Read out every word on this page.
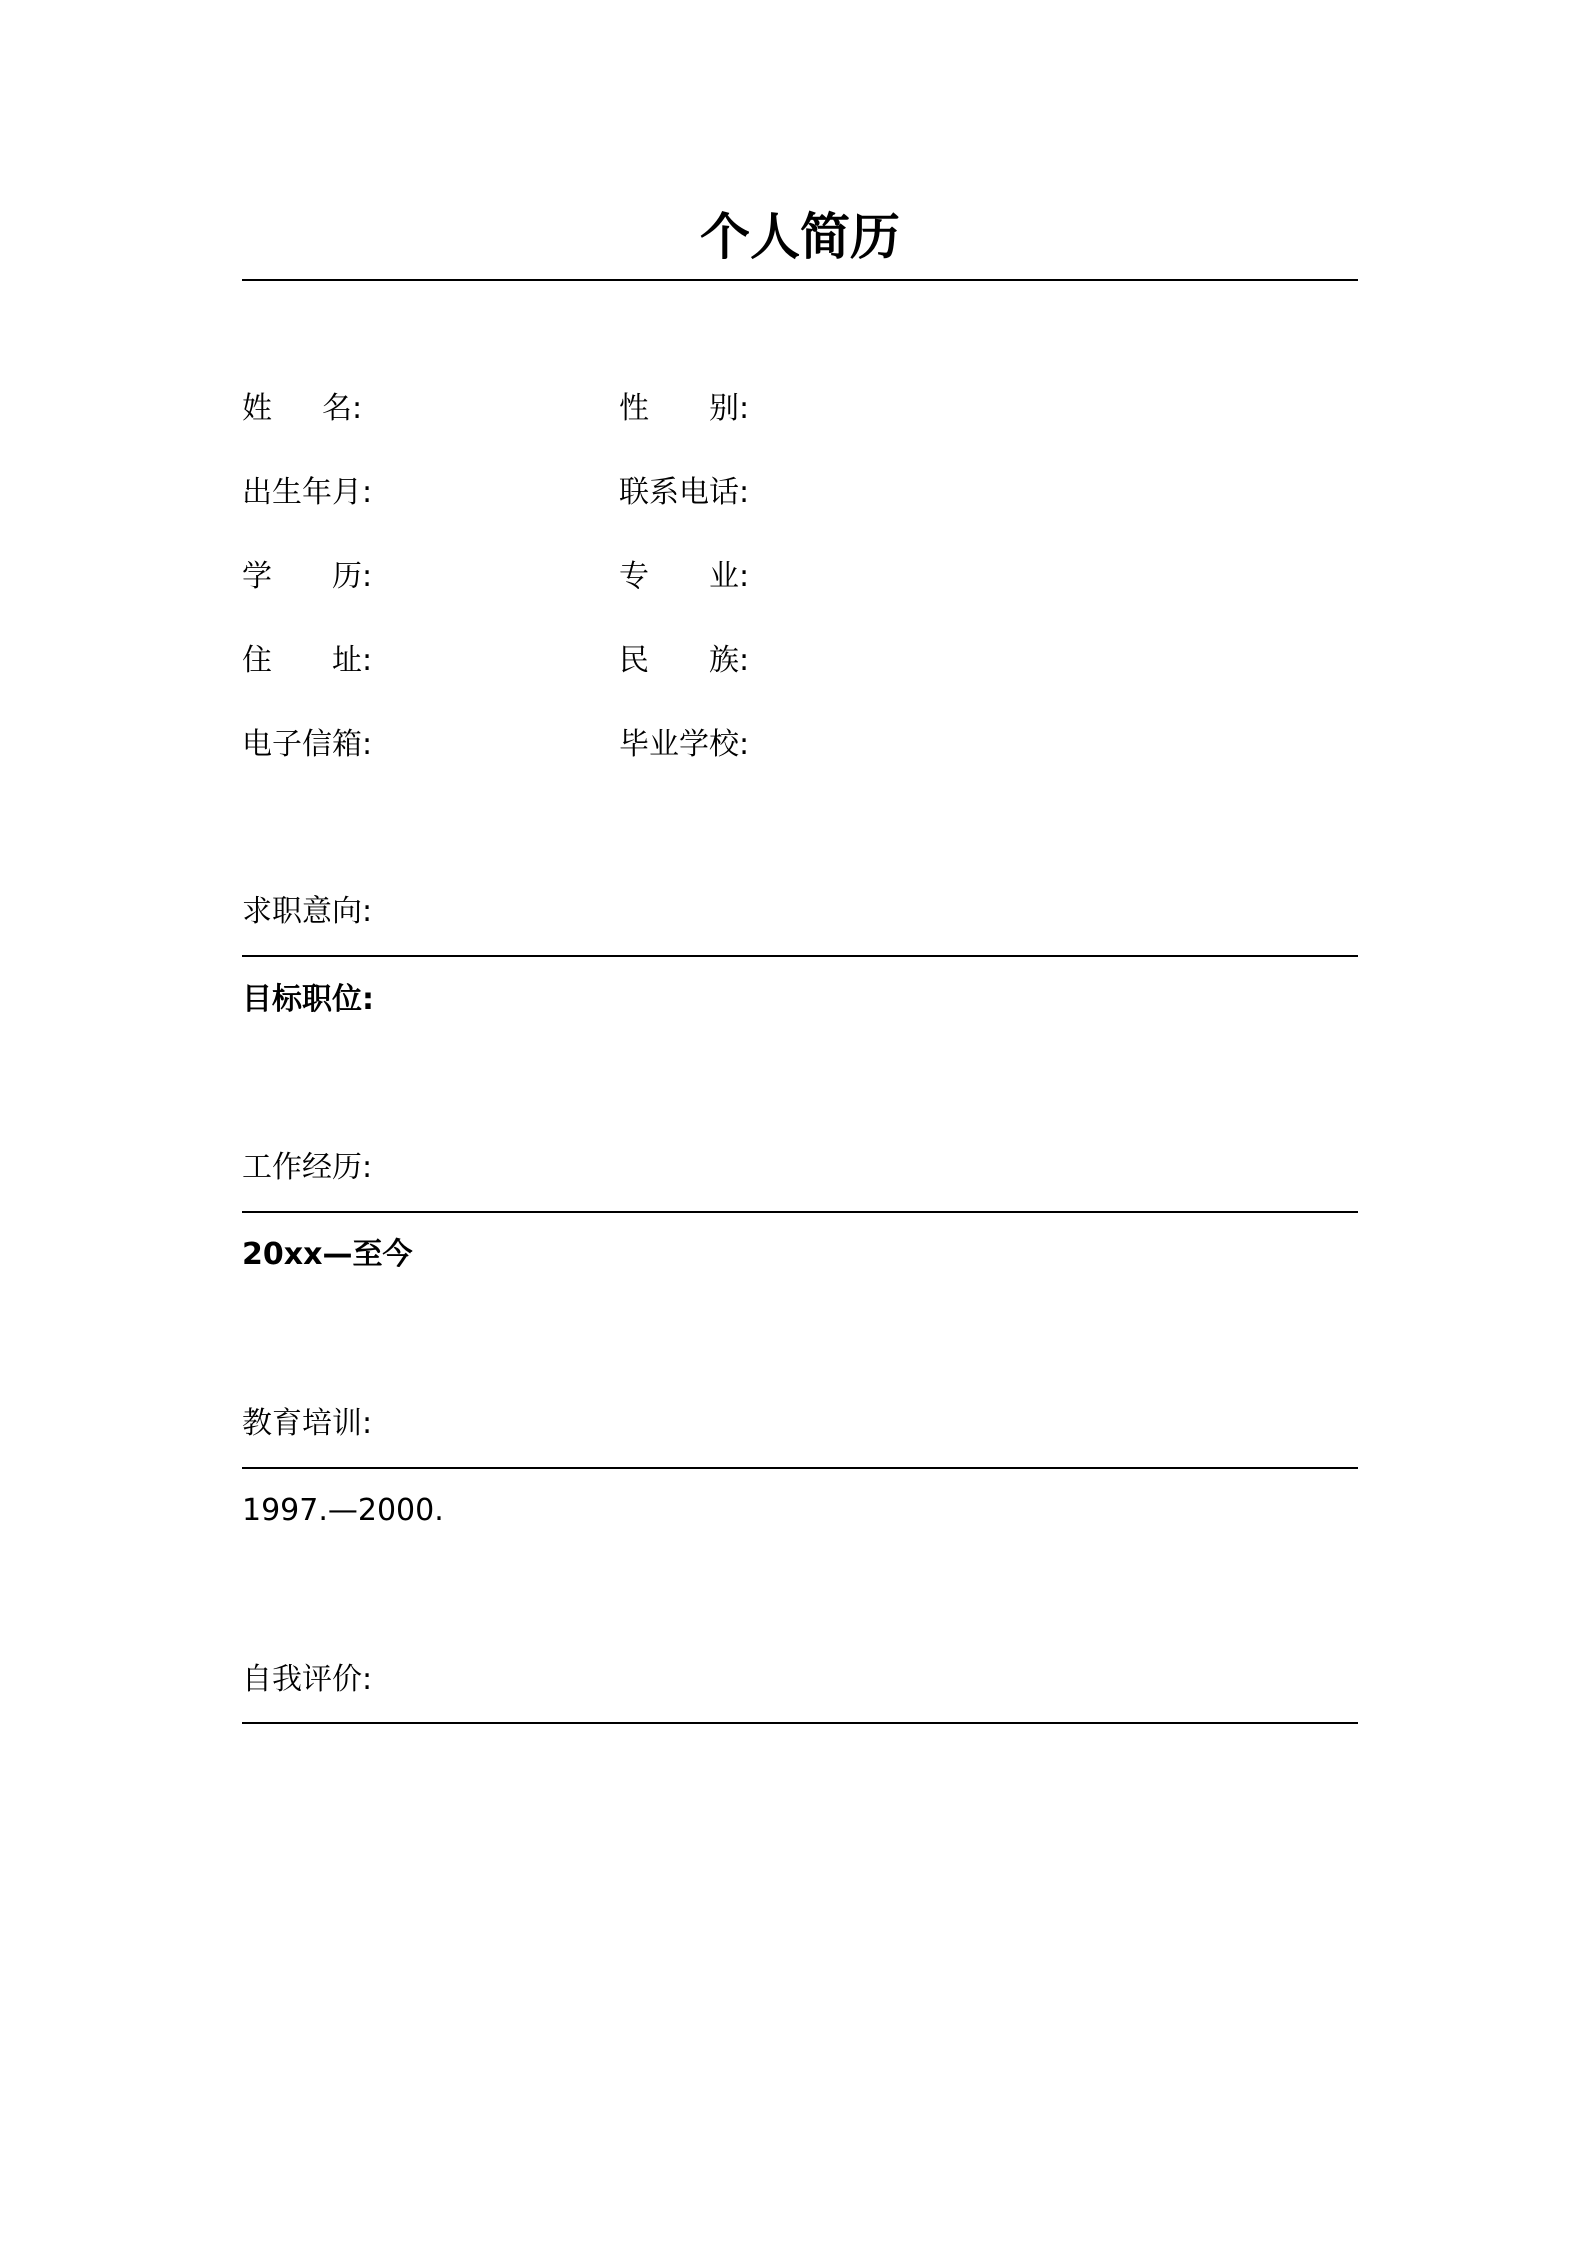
个人简历
姓 名:
出生年月:
学 历:
住 址:
电子信箱:
性 别:
联系电话:
专 业:
民 族:
毕业学校:
求职意向:
目标职位:
工作经历:
20xx—至今
教育培训:
1997.—2000.
自我评价:
